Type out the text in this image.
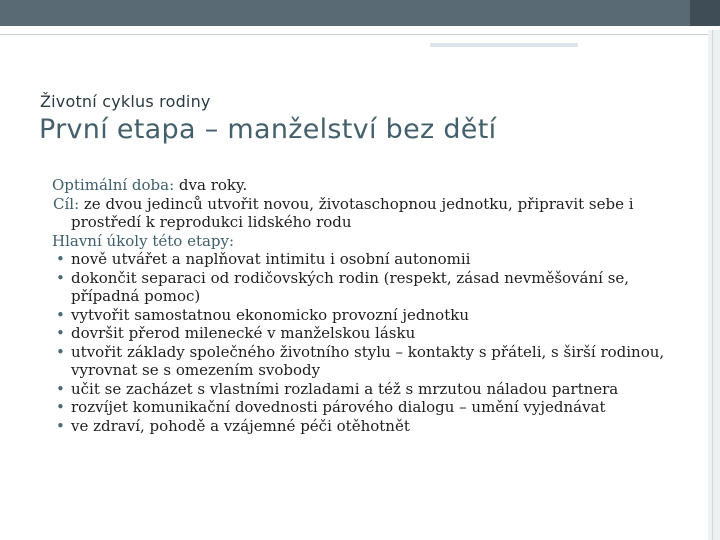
Životní cyklus rodiny
První etapa – manželství bez dětí
Optimální doba: dva roky.
Cíl: ze dvou jedinců utvořit novou, životaschopnou jednotku, připravit sebe i prostředí k reprodukci lidského rodu
Hlavní úkoly této etapy:
• nově utvářet a naplňovat intimitu i osobní autonomii
• dokončit separaci od rodičovských rodin (respekt, zásad nevměšování se, případná pomoc)
• vytvořit samostatnou ekonomicko provozní jednotku
• dovršit přerod milenecké v manželskou lásku
• utvořit základy společného životního stylu – kontakty s přáteli, s širší rodinou, vyrovnat se s omezením svobody
• učit se zacházet s vlastními rozladami a též s mrzutou náladou partnera
• rozvíjet komunikační dovednosti párového dialogu – umění vyjednávat
• ve zdraví, pohodě a vzájemné péči otěhotnět
